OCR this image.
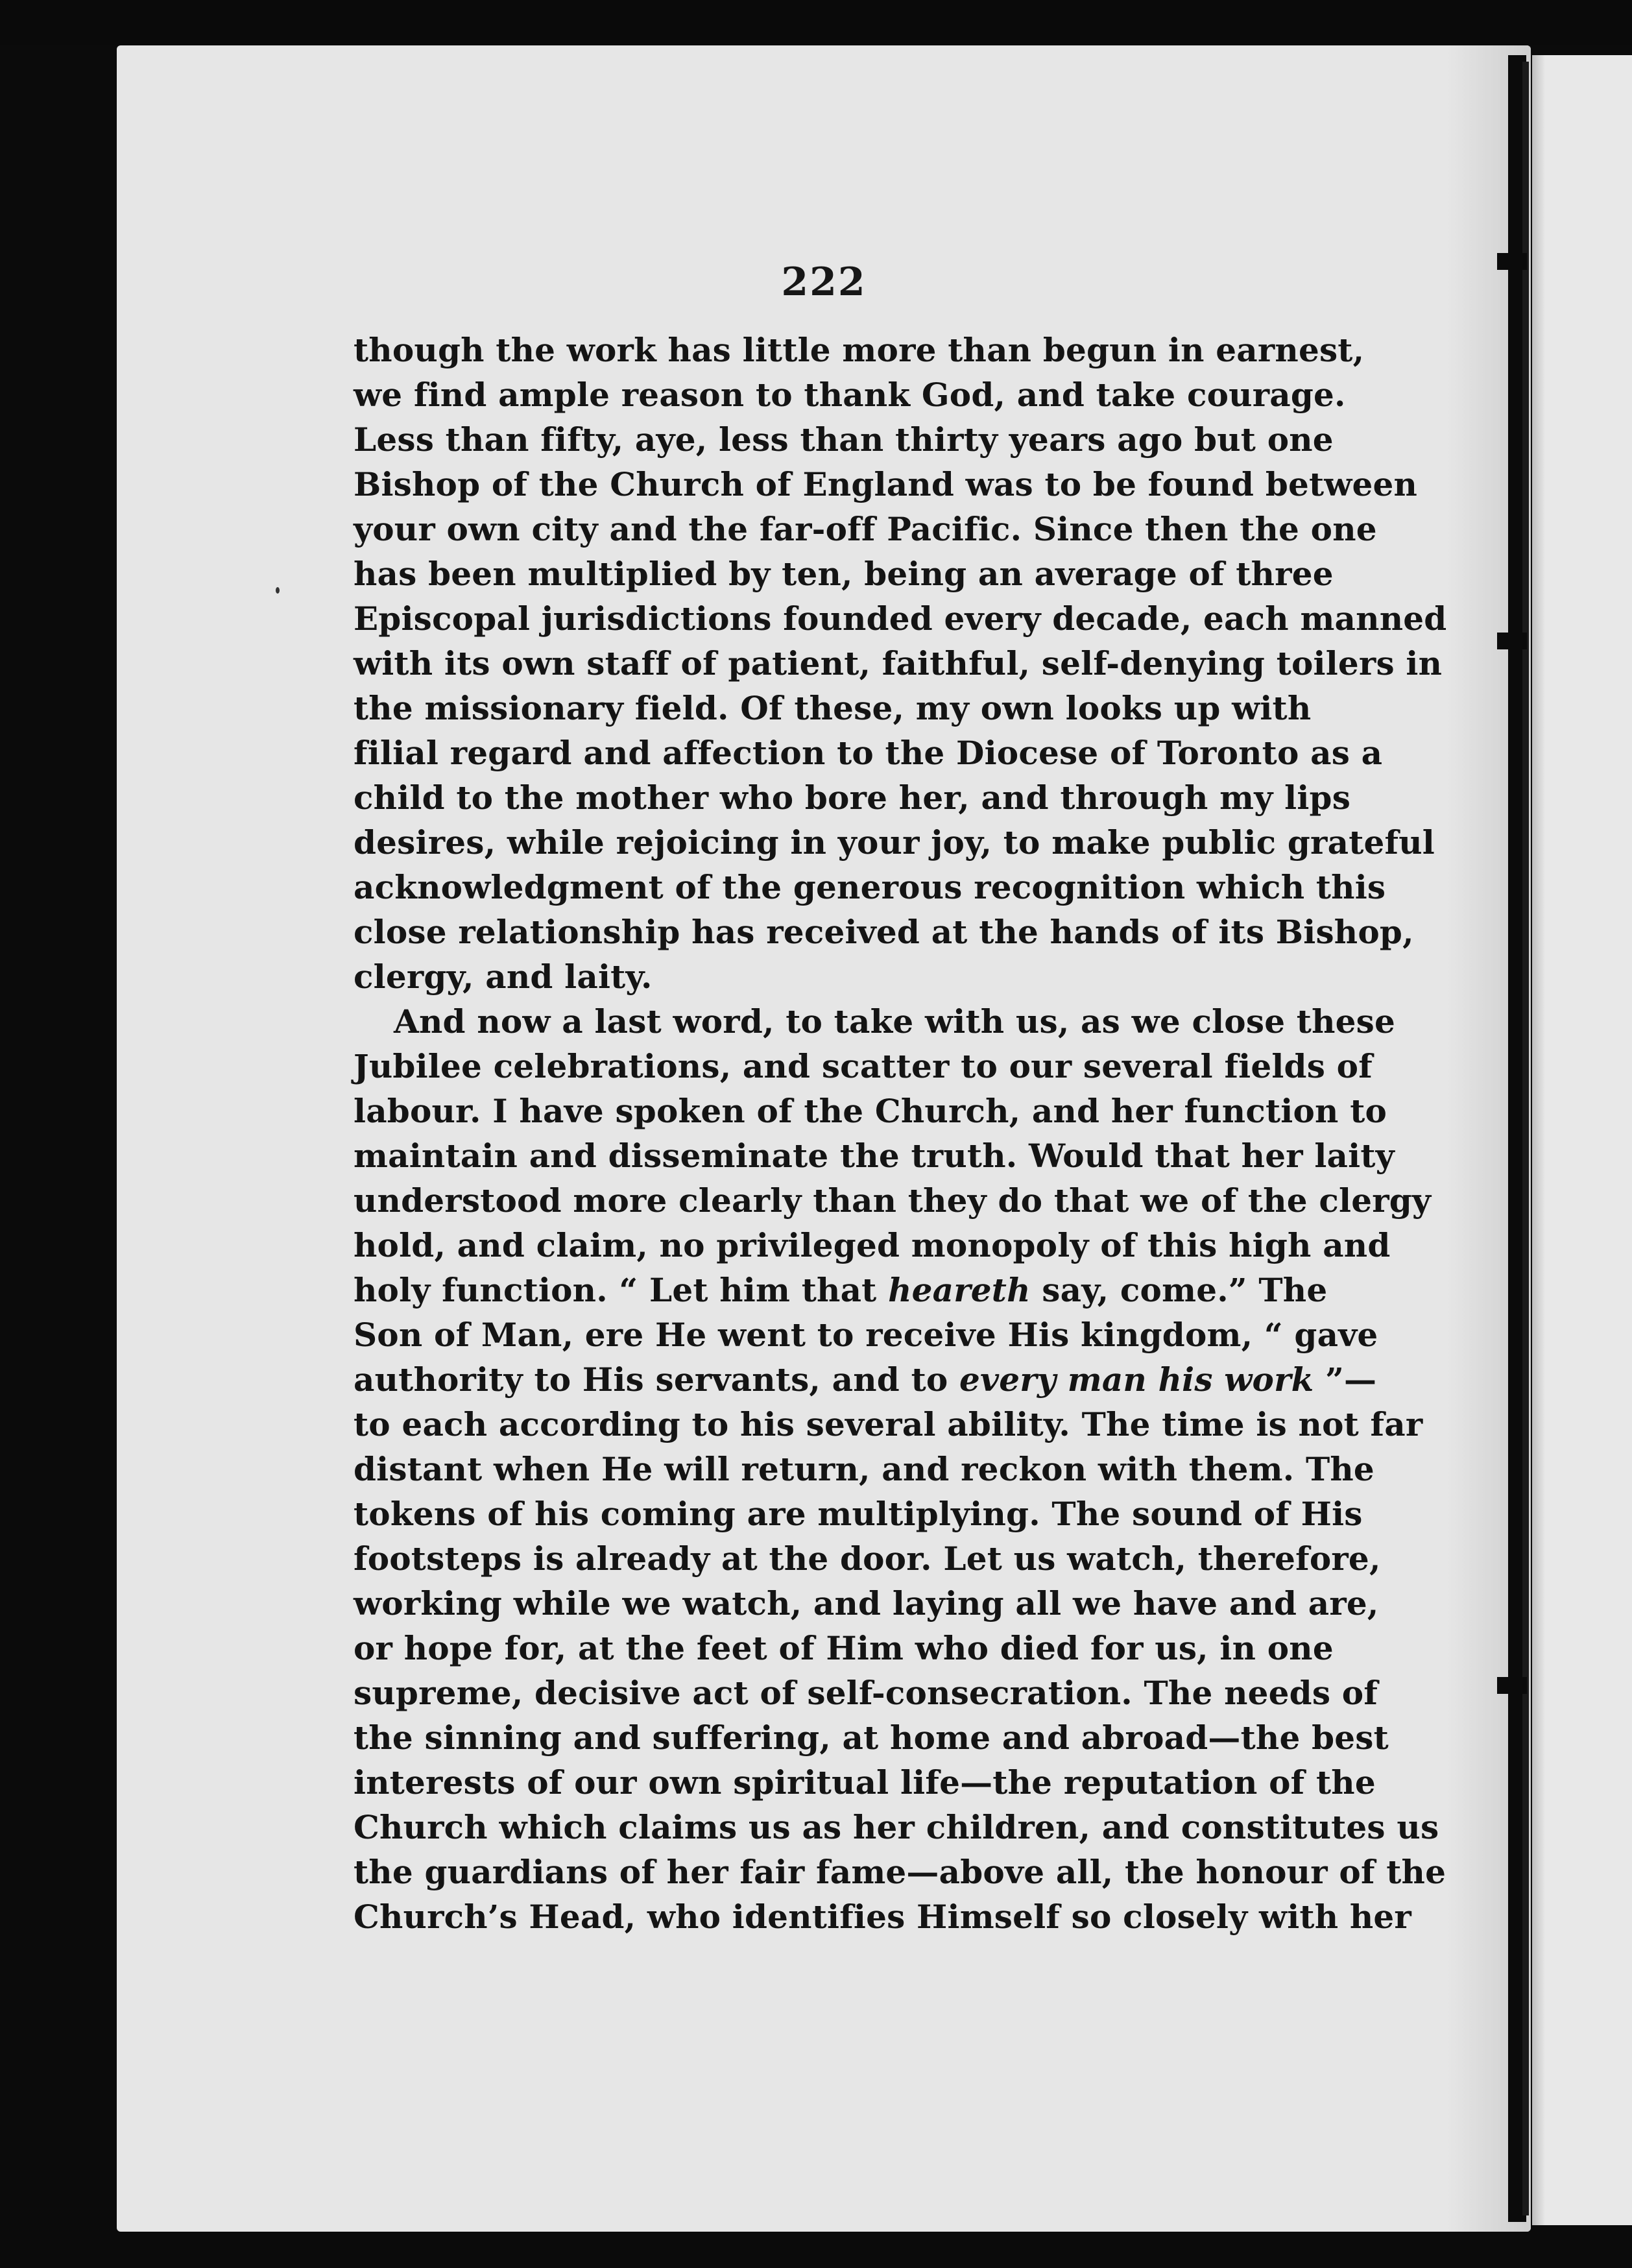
222
though the work has little more than begun in earnest,
we find ample reason to thank God, and take courage.
Less than fifty, aye, less than thirty years ago but one
Bishop of the Church of England was to be found between
your own city and the far-off Pacific. Since then the one
has been multiplied by ten, being an average of three
Episcopal jurisdictions founded every decade, each manned
with its own staff of patient, faithful, self-denying toilers in
the missionary field. Of these, my own looks up with
filial regard and affection to the Diocese of Toronto as a
child to the mother who bore her, and through my lips
desires, while rejoicing in your joy, to make public grateful
acknowledgment of the generous recognition which this
close relationship has received at the hands of its Bishop,
clergy, and laity.
And now a last word, to take with us, as we close these
Jubilee celebrations, and scatter to our several fields of
labour. I have spoken of the Church, and her function to
maintain and disseminate the truth. Would that her laity
understood more clearly than they do that we of the clergy
hold, and claim, no privileged monopoly of this high and
holy function. “ Let him that heareth say, come.” The
Son of Man, ere He went to receive His kingdom, “ gave
authority to His servants, and to every man his work
to each according to his several ability. The time is not far
distant when He will return, and reckon with them. The
tokens of his coming are multiplying. The sound of His
footsteps is already at the door. Let us watch, therefore,
working while we watch, and laying all we have and are,
or hope for, at the feet of Him who died for us, in one
supreme, decisive act of self-consecration. The needs of
the sinning and suffering, at home and abroad—the best
interests of our own spiritual life—the reputation of the
Church which claims us as her children, and constitutes us
the guardians of her fair fame—above all, the honour of the
Church’s Head, who identifies Himself so closely with her
